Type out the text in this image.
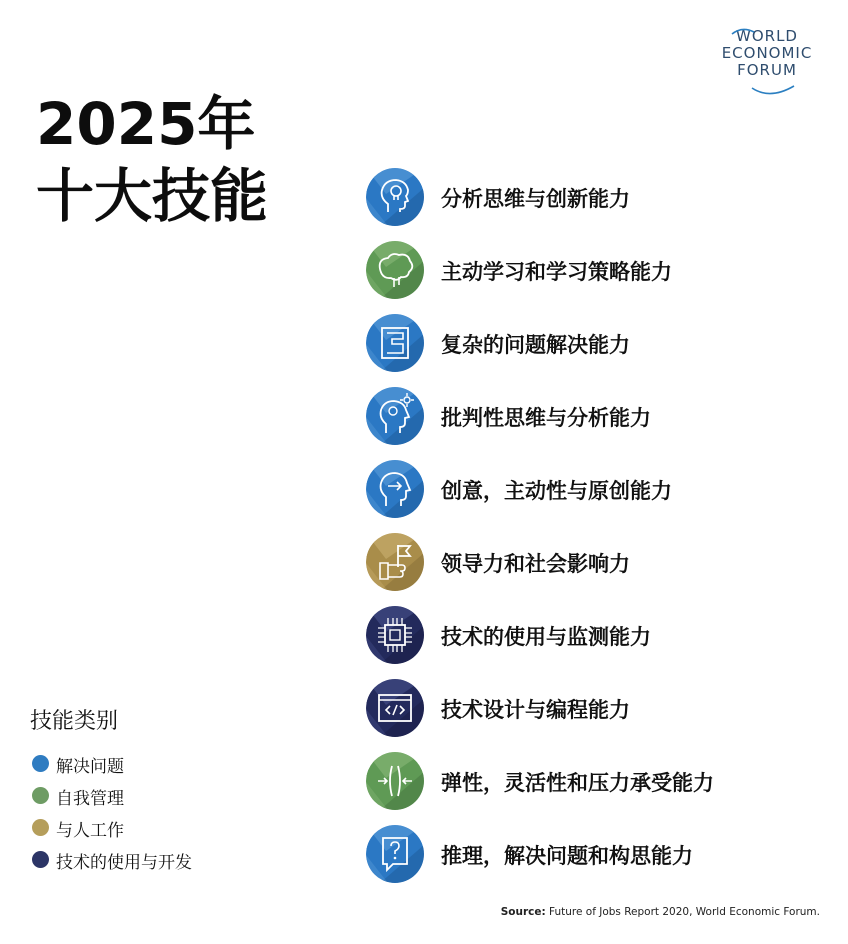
WORLD
ECONOMIC
FORUM
2025年
十大技能	分析思维与创新能力
主动学习和学习策略能力
复杂的问题解决能力
批判性思维与分析能力
创意，主动性与原创能力
领导力和社会影响力
技术的使用与监测能力
技术设计与编程能力
弹性，灵活性和压力承受能力
推理，解决问题和构思能力
技能类别
解决问题
自我管理
与人工作
技术的使用与开发
Source: Future of Jobs Report 2020, World Economic Forum.
